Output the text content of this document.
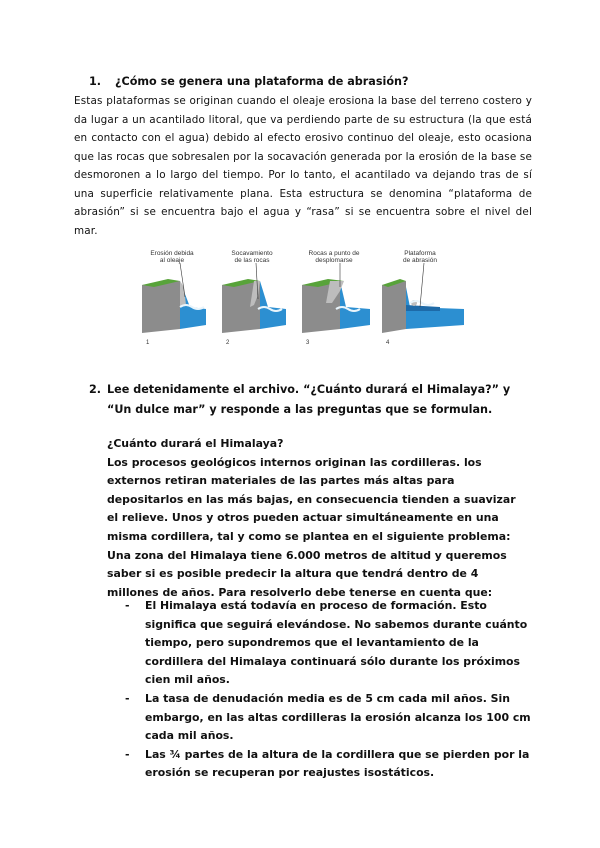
1. ¿Cómo se genera una plataforma de abrasión?
Estas plataformas se originan cuando el oleaje erosiona la base del terreno costero y da lugar a un acantilado litoral, que va perdiendo parte de su estructura (la que está en contacto con el agua) debido al efecto erosivo continuo del oleaje, esto ocasiona que las rocas que sobresalen por la socavación generada por la erosión de la base se desmoronen a lo largo del tiempo. Por lo tanto, el acantilado va dejando tras de sí una superficie relativamente plana. Esta estructura se denomina “plataforma de abrasión” si se encuentra bajo el agua y “rasa” si se encuentra sobre el nivel del mar.
Erosión debida al oleaje
1
Socavamiento de las rocas
2
Rocas a punto de desplomarse
3
Plataforma de abrasión
4
2. Lee detenidamente el archivo. “¿Cuánto durará el Himalaya?” y “Un dulce mar” y responde a las preguntas que se formulan.
¿Cuánto durará el Himalaya?
Los procesos geológicos internos originan las cordilleras. los externos retiran materiales de las partes más altas para depositarlos en las más bajas, en consecuencia tienden a suavizar el relieve. Unos y otros pueden actuar simultáneamente en una misma cordillera, tal y como se plantea en el siguiente problema:
Una zona del Himalaya tiene 6.000 metros de altitud y queremos saber si es posible predecir la altura que tendrá dentro de 4 millones de años. Para resolverlo debe tenerse en cuenta que:

- El Himalaya está todavía en proceso de formación. Esto significa que seguirá elevándose. No sabemos durante cuánto tiempo, pero supondremos que el levantamiento de la cordillera del Himalaya continuará sólo durante los próximos cien mil años.

- La tasa de denudación media es de 5 cm cada mil años. Sin embargo, en las altas cordilleras la erosión alcanza los 100 cm cada mil años.

- Las ¾ partes de la altura de la cordillera que se pierden por la erosión se recuperan por reajustes isostáticos.
